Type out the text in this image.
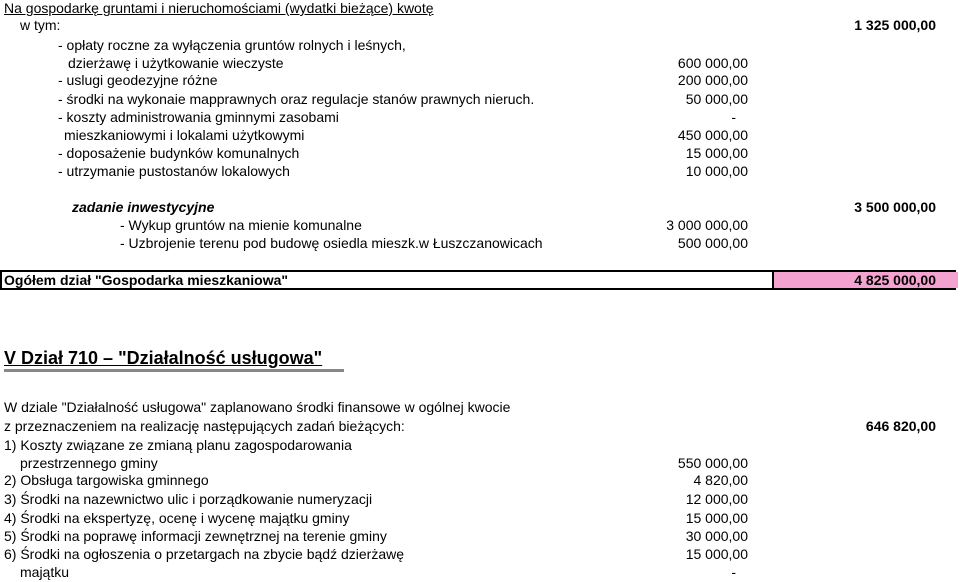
Na gospodarkę gruntami i nieruchomościami (wydatki bieżące) kwotę
w tym:	1 325 000,00
- opłaty roczne za wyłączenia gruntów rolnych i leśnych,
dzierżawę i użytkowanie wieczyste	600 000,00
- uslugi geodezyjne różne	200 000,00
- środki na wykonaie mapprawnych oraz regulacje stanów prawnych nieruch.	50 000,00
- koszty administrowania gminnymi zasobami	-
mieszkaniowymi i lokalami użytkowymi	450 000,00
- doposażenie budynków komunalnych	15 000,00
- utrzymanie pustostanów lokalowych	10 000,00
zadanie inwestycyjne	3 500 000,00
- Wykup gruntów na mienie komunalne	3 000 000,00
- Uzbrojenie terenu pod budowę osiedla mieszk.w Łuszczanowicach	500 000,00
Ogółem dział "Gospodarka mieszkaniowa"	4 825 000,00
V Dział 710 – "Działalność usługowa"
W dziale "Działalność usługowa" zaplanowano środki finansowe w ogólnej kwocie
z przeznaczeniem na realizację następujących zadań bieżących:	646 820,00
1) Koszty związane ze zmianą planu zagospodarowania
przestrzennego gminy	550 000,00
2) Obsługa targowiska gminnego	4 820,00
3) Środki na nazewnictwo ulic i porządkowanie numeryzacji	12 000,00
4) Środki na ekspertyzę, ocenę i wycenę majątku gminy	15 000,00
5) Środki na poprawę informacji zewnętrznej na terenie gminy	30 000,00
6) Środki na ogłoszenia o przetargach na zbycie bądź dzierżawę	15 000,00
majątku	-
